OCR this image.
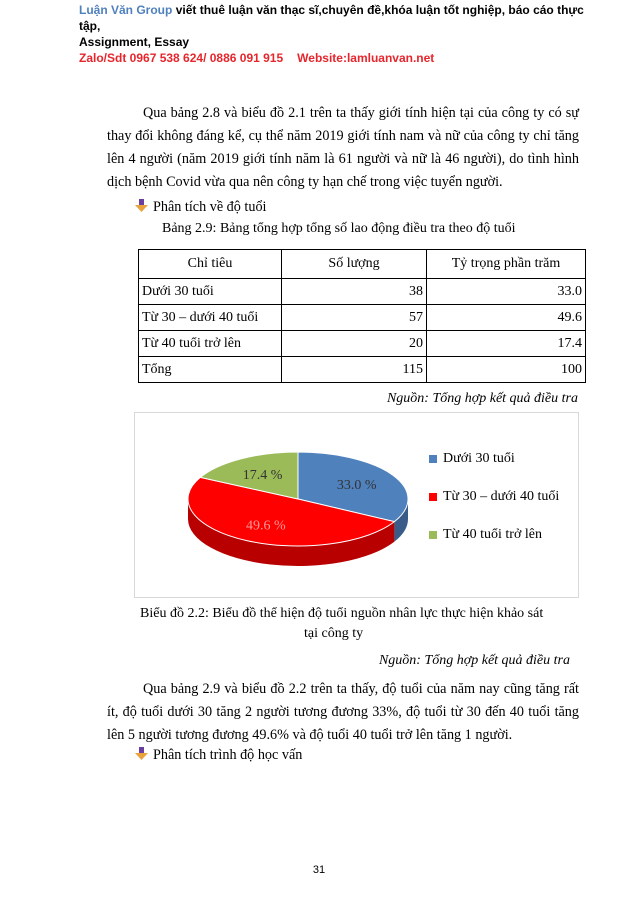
Luận Văn Group viết thuê luận văn thạc sĩ,chuyên đề,khóa luận tốt nghiệp, báo cáo thực tập,
Assignment, Essay
Zalo/Sdt 0967 538 624/ 0886 091 915 Website:lamluanvan.net

Qua bảng 2.8 và biểu đồ 2.1 trên ta thấy giới tính hiện tại của công ty có sự thay đổi không đáng kể, cụ thể năm 2019 giới tính nam và nữ của công ty chỉ tăng lên 4 người (năm 2019 giới tính năm là 61 người và nữ là 46 người), do tình hình dịch bệnh Covid vừa qua nên công ty hạn chế trong việc tuyển người.

Phân tích về độ tuổi
Bảng 2.9: Bảng tổng hợp tổng số lao động điều tra theo độ tuổi
Chỉ tiêu	Số lượng	Tỷ trọng phần trăm
Dưới 30 tuổi	38	33.0
Từ 30 – dưới 40 tuổi	57	49.6
Từ 40 tuổi trở lên	20	17.4
Tổng	115	100
Nguồn: Tổng hợp kết quả điều tra
33.0 %
49.6 %
17.4 %
Dưới 30 tuổi
Từ 30 – dưới 40 tuổi
Từ 40 tuổi trở lên
Biểu đồ 2.2: Biểu đồ thể hiện độ tuổi nguồn nhân lực thực hiện khảo sát
tại công ty
Nguồn: Tổng hợp kết quả điều tra

Qua bảng 2.9 và biểu đồ 2.2 trên ta thấy, độ tuổi của năm nay cũng tăng rất ít, độ tuổi dưới 30 tăng 2 người tương đương 33%, độ tuổi từ 30 đến 40 tuổi tăng lên 5 người tương đương 49.6% và độ tuổi 40 tuổi trở lên tăng 1 người.

Phân tích trình độ học vấn
31
